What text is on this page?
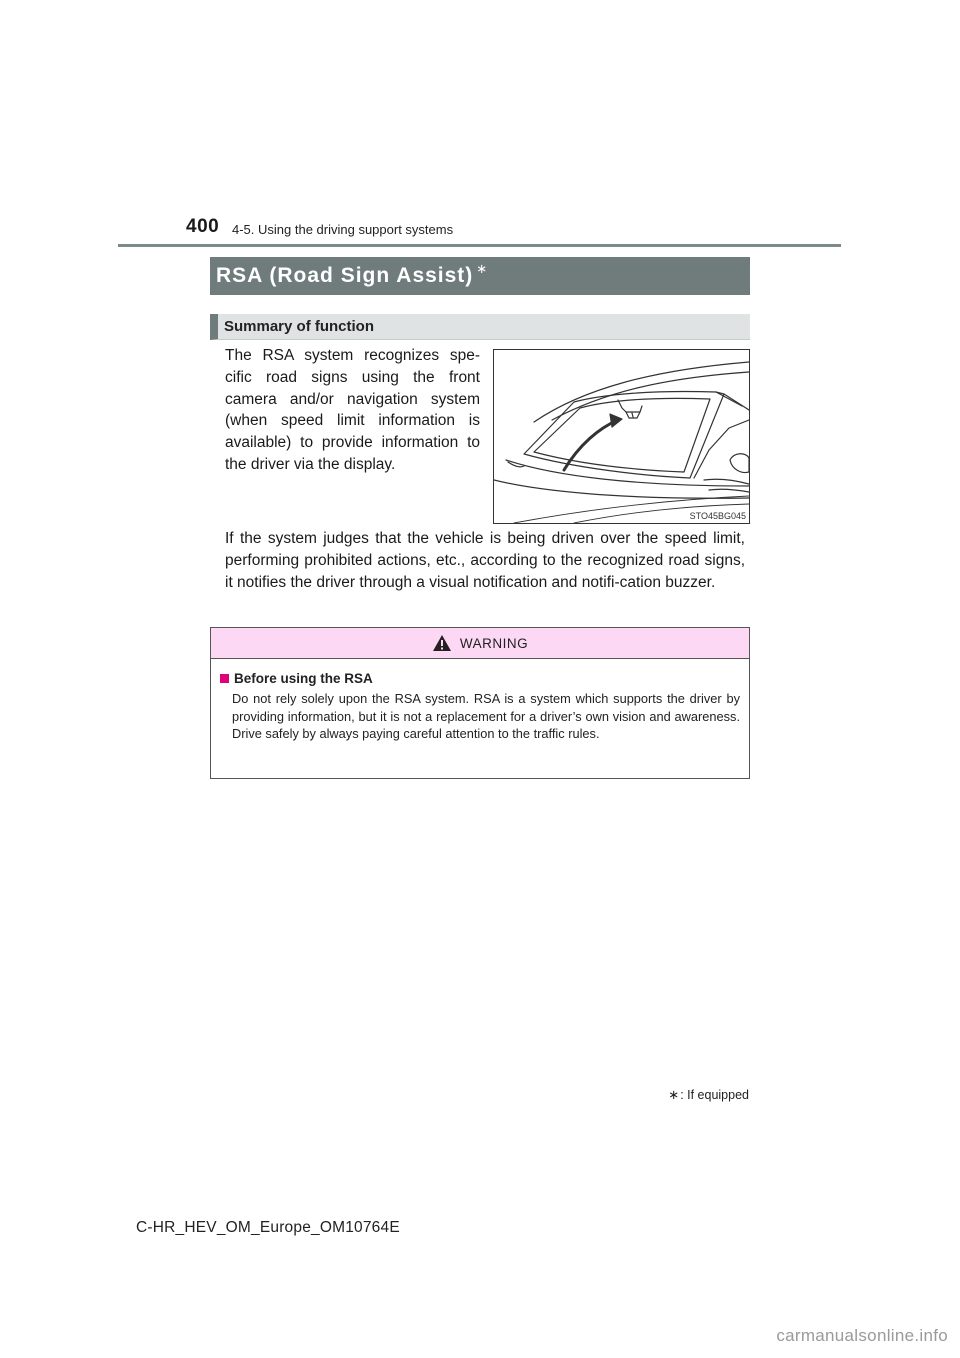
400 4-5. Using the driving support systems
RSA (Road Sign Assist) ∗
Summary of function

The RSA system recognizes spe-cific road signs using the front camera and/or navigation system (when speed limit information is available) to provide information to the driver via the display.

STO45BG045

If the system judges that the vehicle is being driven over the speed limit, performing prohibited actions, etc., according to the recognized road signs, it notifies the driver through a visual notification and notifi-cation buzzer.

WARNING
Before using the RSA

Do not rely solely upon the RSA system. RSA is a system which supports the driver by providing information, but it is not a replacement for a driver’s own vision and awareness. Drive safely by always paying careful attention to the traffic rules.

∗: If equipped
C-HR_HEV_OM_Europe_OM10764E
carmanualsonline.info
